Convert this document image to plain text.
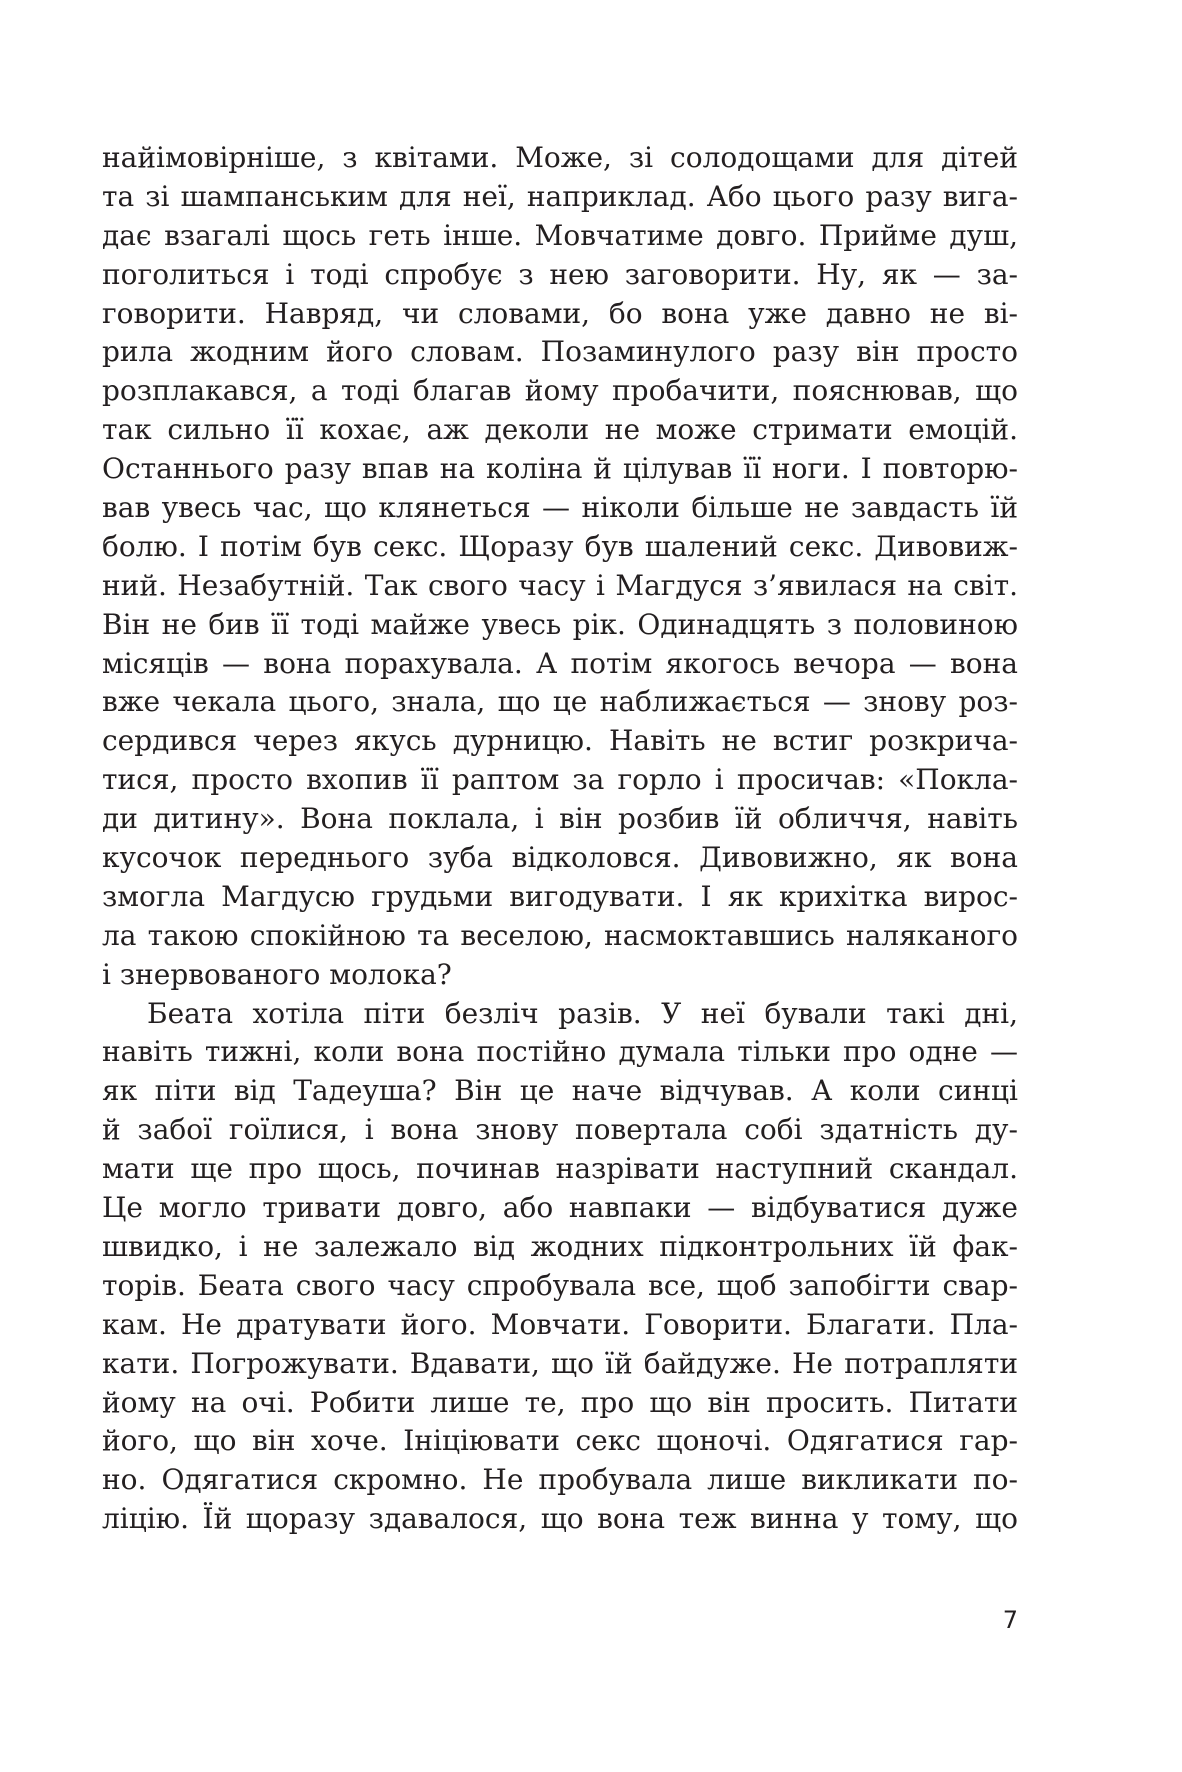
найімовірніше, з квітами. Може, зі солодощами для дітей
та зі шампанським для неї, наприклад. Або цього разу вига-
дає взагалі щось геть інше. Мовчатиме довго. Прийме душ,
поголиться і тоді спробує з нею заговорити. Ну, як — за-
говорити. Навряд, чи словами, бо вона уже давно не ві-
рила жодним його словам. Позаминулого разу він просто
розплакався, а тоді благав йому пробачити, пояснював, що
так сильно її кохає, аж деколи не може стримати емоцій.
Останнього разу впав на коліна й цілував її ноги. І повторю-
вав увесь час, що клянеться — ніколи більше не завдасть їй
болю. І потім був секс. Щоразу був шалений секс. Дивовиж-
ний. Незабутній. Так свого часу і Магдуся з’явилася на світ.
Він не бив її тоді майже увесь рік. Одинадцять з половиною
місяців — вона порахувала. А потім якогось вечора — вона
вже чекала цього, знала, що це наближається — знову роз-
сердився через якусь дурницю. Навіть не встиг розкрича-
тися, просто вхопив її раптом за горло і просичав: «Покла-
ди дитину». Вона поклала, і він розбив їй обличчя, навіть
кусочок переднього зуба відколовся. Дивовижно, як вона
змогла Магдусю грудьми вигодувати. І як крихітка вирос-
ла такою спокійною та веселою, насмоктавшись наляканого
і знервованого молока?
Беата хотіла піти безліч разів. У неї бували такі дні,
навіть тижні, коли вона постійно думала тільки про одне —
як піти від Тадеуша? Він це наче відчував. А коли синці
й забої гоїлися, і вона знову повертала собі здатність ду-
мати ще про щось, починав назрівати наступний скандал.
Це могло тривати довго, або навпаки — відбуватися дуже
швидко, і не залежало від жодних підконтрольних їй фак-
торів. Беата свого часу спробувала все, щоб запобігти свар-
кам. Не дратувати його. Мовчати. Говорити. Благати. Пла-
кати. Погрожувати. Вдавати, що їй байдуже. Не потрапляти
йому на очі. Робити лише те, про що він просить. Питати
його, що він хоче. Ініціювати секс щоночі. Одягатися гар-
но. Одягатися скромно. Не пробувала лише викликати по-
ліцію. Їй щоразу здавалося, що вона теж винна у тому, що
7
